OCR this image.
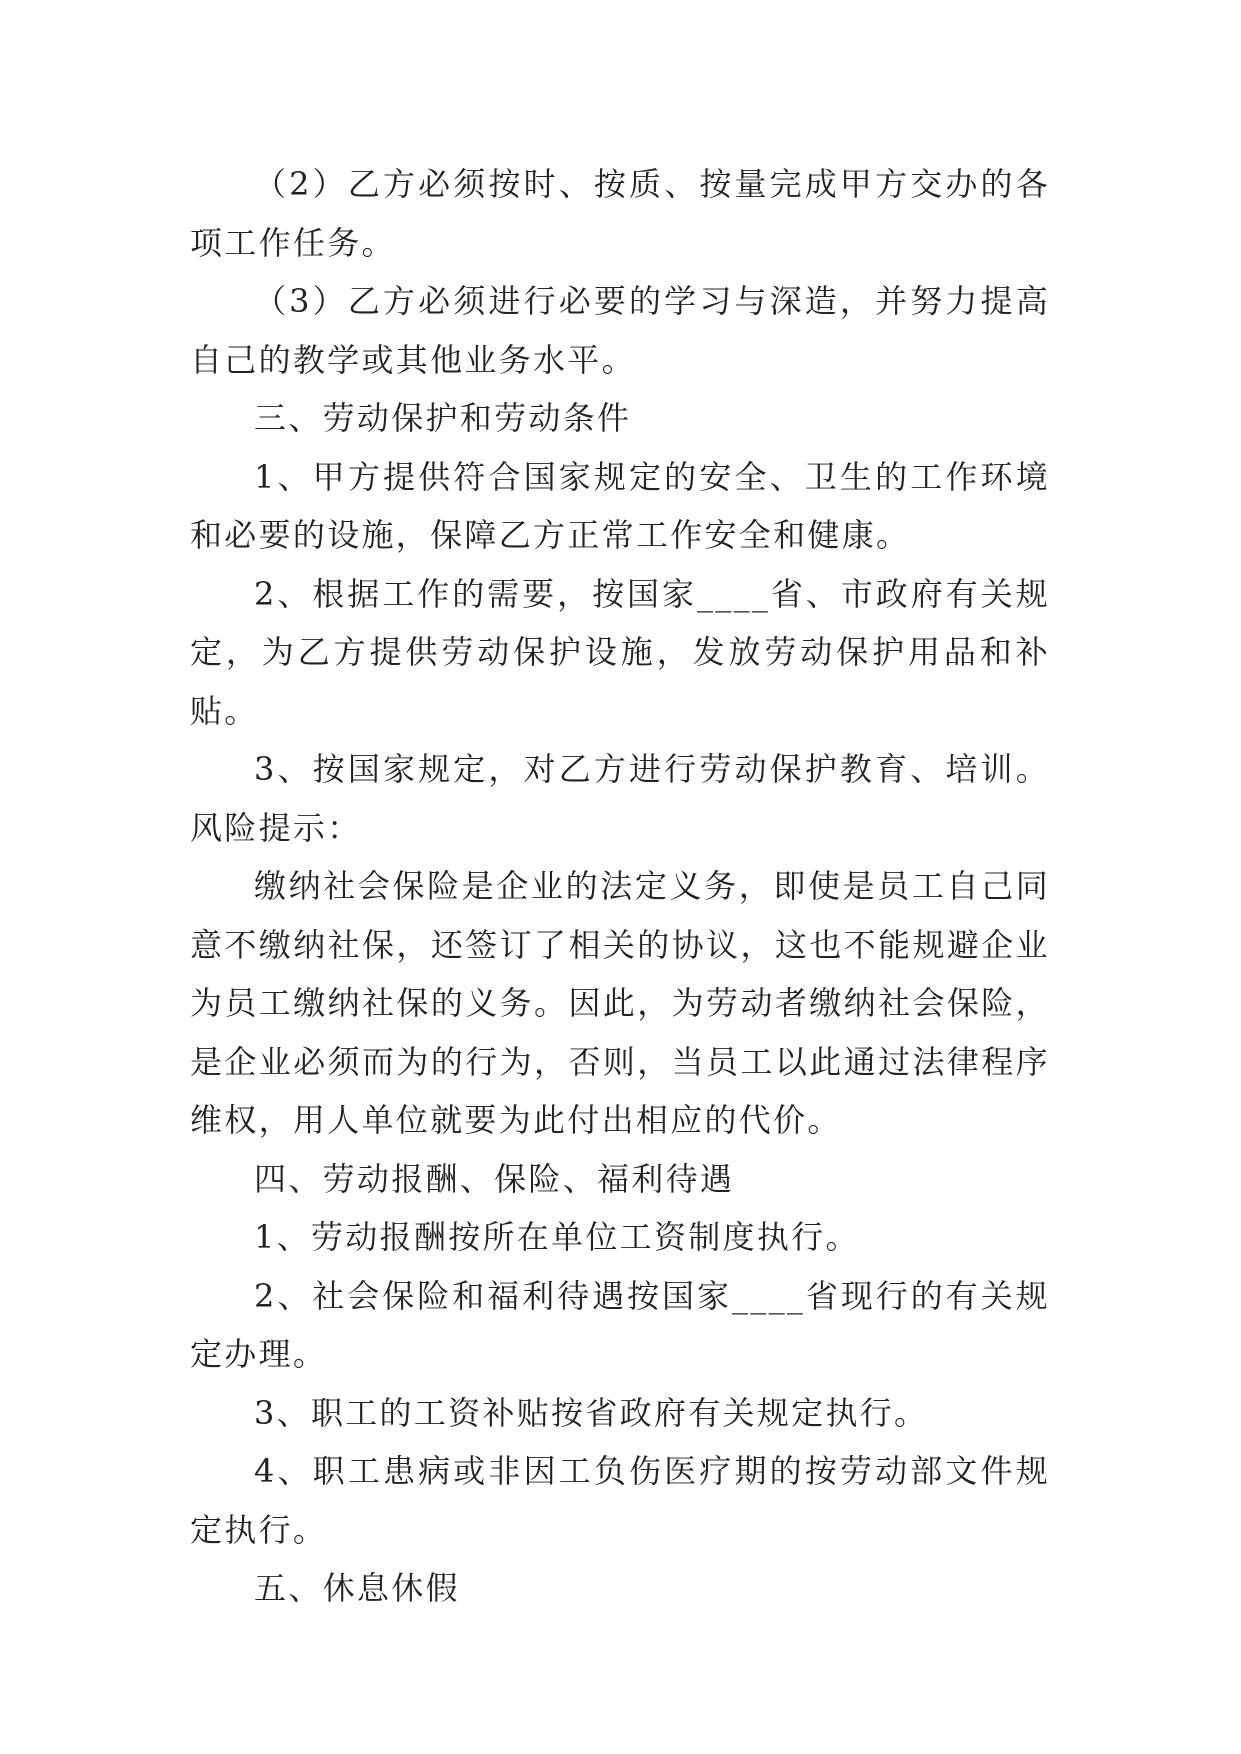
（2）乙方必须按时、按质、按量完成甲方交办的各项工作任务。

（3）乙方必须进行必要的学习与深造，并努力提高自己的教学或其他业务水平。

三、劳动保护和劳动条件

1、甲方提供符合国家规定的安全、卫生的工作环境和必要的设施，保障乙方正常工作安全和健康。

2、根据工作的需要，按国家____省、市政府有关规定，为乙方提供劳动保护设施，发放劳动保护用品和补贴。

3、按国家规定，对乙方进行劳动保护教育、培训。风险提示：

缴纳社会保险是企业的法定义务，即使是员工自己同意不缴纳社保，还签订了相关的协议，这也不能规避企业为员工缴纳社保的义务。因此，为劳动者缴纳社会保险，是企业必须而为的行为，否则，当员工以此通过法律程序维权，用人单位就要为此付出相应的代价。

四、劳动报酬、保险、福利待遇

1、劳动报酬按所在单位工资制度执行。

2、社会保险和福利待遇按国家____省现行的有关规定办理。

3、职工的工资补贴按省政府有关规定执行。

4、职工患病或非因工负伤医疗期的按劳动部文件规定执行。

五、休息休假
